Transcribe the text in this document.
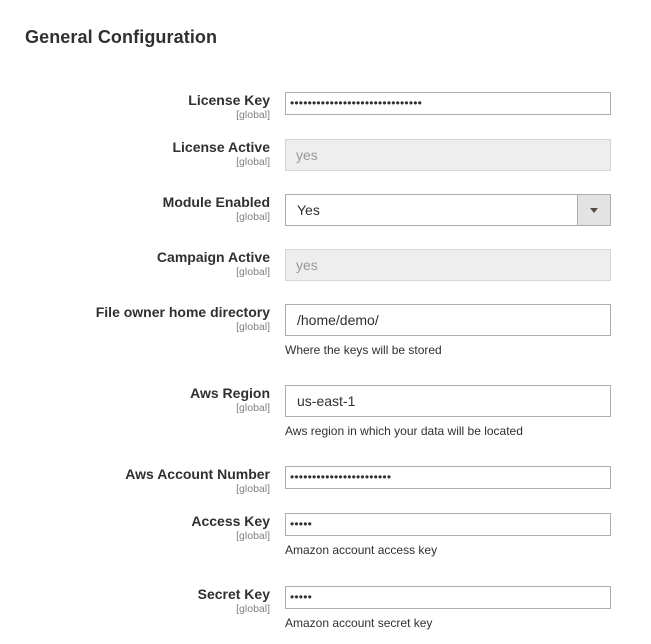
General Configuration
License Key
[global]
••••••••••••••••••••••••••••••
License Active
[global]	yes
Module Enabled
[global]	Yes
Campaign Active
[global]	yes
File owner home directory
[global]	/home/demo/
Where the keys will be stored
Aws Region
[global]	us-east-1
Aws region in which your data will be located
Aws Account Number
[global]
•••••••••••••••••••••••
Access Key
[global]
•••••
Amazon account access key
Secret Key
[global]
•••••
Amazon account secret key
